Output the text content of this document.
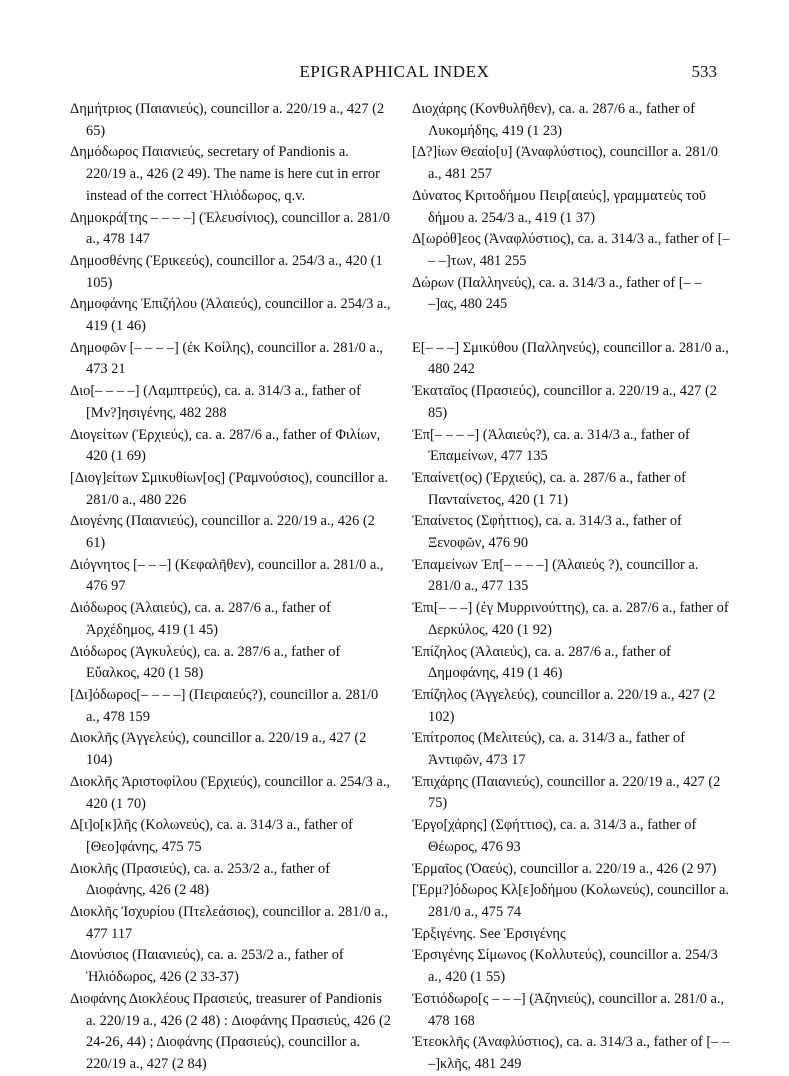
EPIGRAPHICAL INDEX	533

Δημήτριος (Παιανιεύς), councillor a. 220/19 a., 427 (2 65)

Δημόδωρος Παιανιεύς, secretary of Pandionis a. 220/19 a., 426 (2 49). The name is here cut in error instead of the correct Ἡλιόδωρος, q.v.

Δημοκρά[της – – – –] (Ἐλευσίνιος), councillor a. 281/0 a., 478 147

Δημοσθένης (Ἐρικεεύς), councillor a. 254/3 a., 420 (1 105)

Δημοφάνης Ἐπιζήλου (Ἁλαιεύς), councillor a. 254/3 a., 419 (1 46)

Δημοφῶν [– – – –] (ἐκ Κοίλης), councillor a. 281/0 a., 473 21

Διο[– – – –] (Λαμπτρεύς), ca. a. 314/3 a., father of [Μν?]ησιγένης, 482 288

Διογείτων (Ἐρχιεύς), ca. a. 287/6 a., father of Φιλίων, 420 (1 69)

[Διογ]είτων Σμικυθίων[ος] (Ῥαμνούσιος), councillor a. 281/0 a., 480 226

Διογένης (Παιανιεύς), councillor a. 220/19 a., 426 (2 61)

Διόγνητος [– – –] (Κεφαλῆθεν), councillor a. 281/0 a., 476 97

Διόδωρος (Ἁλαιεύς), ca. a. 287/6 a., father of Ἀρχέδημος, 419 (1 45)

Διόδωρος (Ἀγκυλεύς), ca. a. 287/6 a., father of Εὔαλκος, 420 (1 58)

[Δι]όδωρος[– – – –] (Πειραιεύς?), councillor a. 281/0 a., 478 159

Διοκλῆς (Ἀγγελεύς), councillor a. 220/19 a., 427 (2 104)

Διοκλῆς Ἀριστοφίλου (Ἐρχιεύς), councillor a. 254/3 a., 420 (1 70)

Δ[ι]ο[κ]λῆς (Κολωνεύς), ca. a. 314/3 a., father of [Θεο]φάνης, 475 75

Διοκλῆς (Πρασιεύς), ca. a. 253/2 a., father of Διοφάνης, 426 (2 48)

Διοκλῆς Ἰσχυρίου (Πτελεάσιος), councillor a. 281/0 a., 477 117

Διονύσιος (Παιανιεύς), ca. a. 253/2 a., father of Ἡλιόδωρος, 426 (2 33-37)

Διοφάνης Διοκλέους Πρασιεύς, treasurer of Pandionis a. 220/19 a., 426 (2 48) : Διοφάνης Πρασιεύς, 426 (2 24-26, 44) ; Διοφάνης (Πρασιεύς), councillor a. 220/19 a., 427 (2 84)

Διοχάρης (Κονθυλῆθεν), ca. a. 287/6 a., father of Λυκομήδης, 419 (1 23)

[Δ?]ίων Θεαίο[υ] (Ἀναφλύστιος), councillor a. 281/0 a., 481 257

Δύνατος Κριτοδήμου Πειρ[αιεύς], γραμματεὺς τοῦ δήμου a. 254/3 a., 419 (1 37)

Δ[ωρόθ]εος (Ἀναφλύστιος), ca. a. 314/3 a., father of [– – –]των, 481 255

Δώρων (Παλληνεύς), ca. a. 314/3 a., father of [– – –]ας, 480 245

Ε[– – –] Σμικύθου (Παλληνεύς), councillor a. 281/0 a., 480 242

Ἑκαταῖος (Πρασιεύς), councillor a. 220/19 a., 427 (2 85)

Ἐπ[– – – –] (Ἁλαιεύς?), ca. a. 314/3 a., father of Ἐπαμείνων, 477 135

Ἐπαίνετ(ος) (Ἐρχιεύς), ca. a. 287/6 a., father of Πανταίνετος, 420 (1 71)

Ἐπαίνετος (Σφήττιος), ca. a. 314/3 a., father of Ξενοφῶν, 476 90

Ἐπαμείνων Ἐπ[– – – –] (Ἁλαιεύς ?), councillor a. 281/0 a., 477 135

Ἐπι[– – –] (ἐγ Μυρρινούττης), ca. a. 287/6 a., father of Δερκύλος, 420 (1 92)

Ἐπίζηλος (Ἁλαιεύς), ca. a. 287/6 a., father of Δημοφάνης, 419 (1 46)

Ἐπίζηλος (Ἀγγελεύς), councillor a. 220/19 a., 427 (2 102)

Ἐπίτροπος (Μελιτεύς), ca. a. 314/3 a., father of Ἀντιφῶν, 473 17

Ἐπιχάρης (Παιανιεύς), councillor a. 220/19 a., 427 (2 75)

Ἐργο[χάρης] (Σφήττιος), ca. a. 314/3 a., father of Θέωρος, 476 93

Ἑρμαῖος (Ὀαεύς), councillor a. 220/19 a., 426 (2 97)

[Ἑρμ?]όδωρος Κλ[ε]οδήμου (Κολωνεύς), councillor a. 281/0 a., 475 74

Ἐρξιγένης. See Ἐρσιγένης

Ἐρσιγένης Σίμωνος (Κολλυτεύς), councillor a. 254/3 a., 420 (1 55)

Ἑστιόδωρο[ς – – –] (Ἀζηνιεύς), councillor a. 281/0 a., 478 168

Ἐτεοκλῆς (Ἀναφλύστιος), ca. a. 314/3 a., father of [– – –]κλῆς, 481 249
